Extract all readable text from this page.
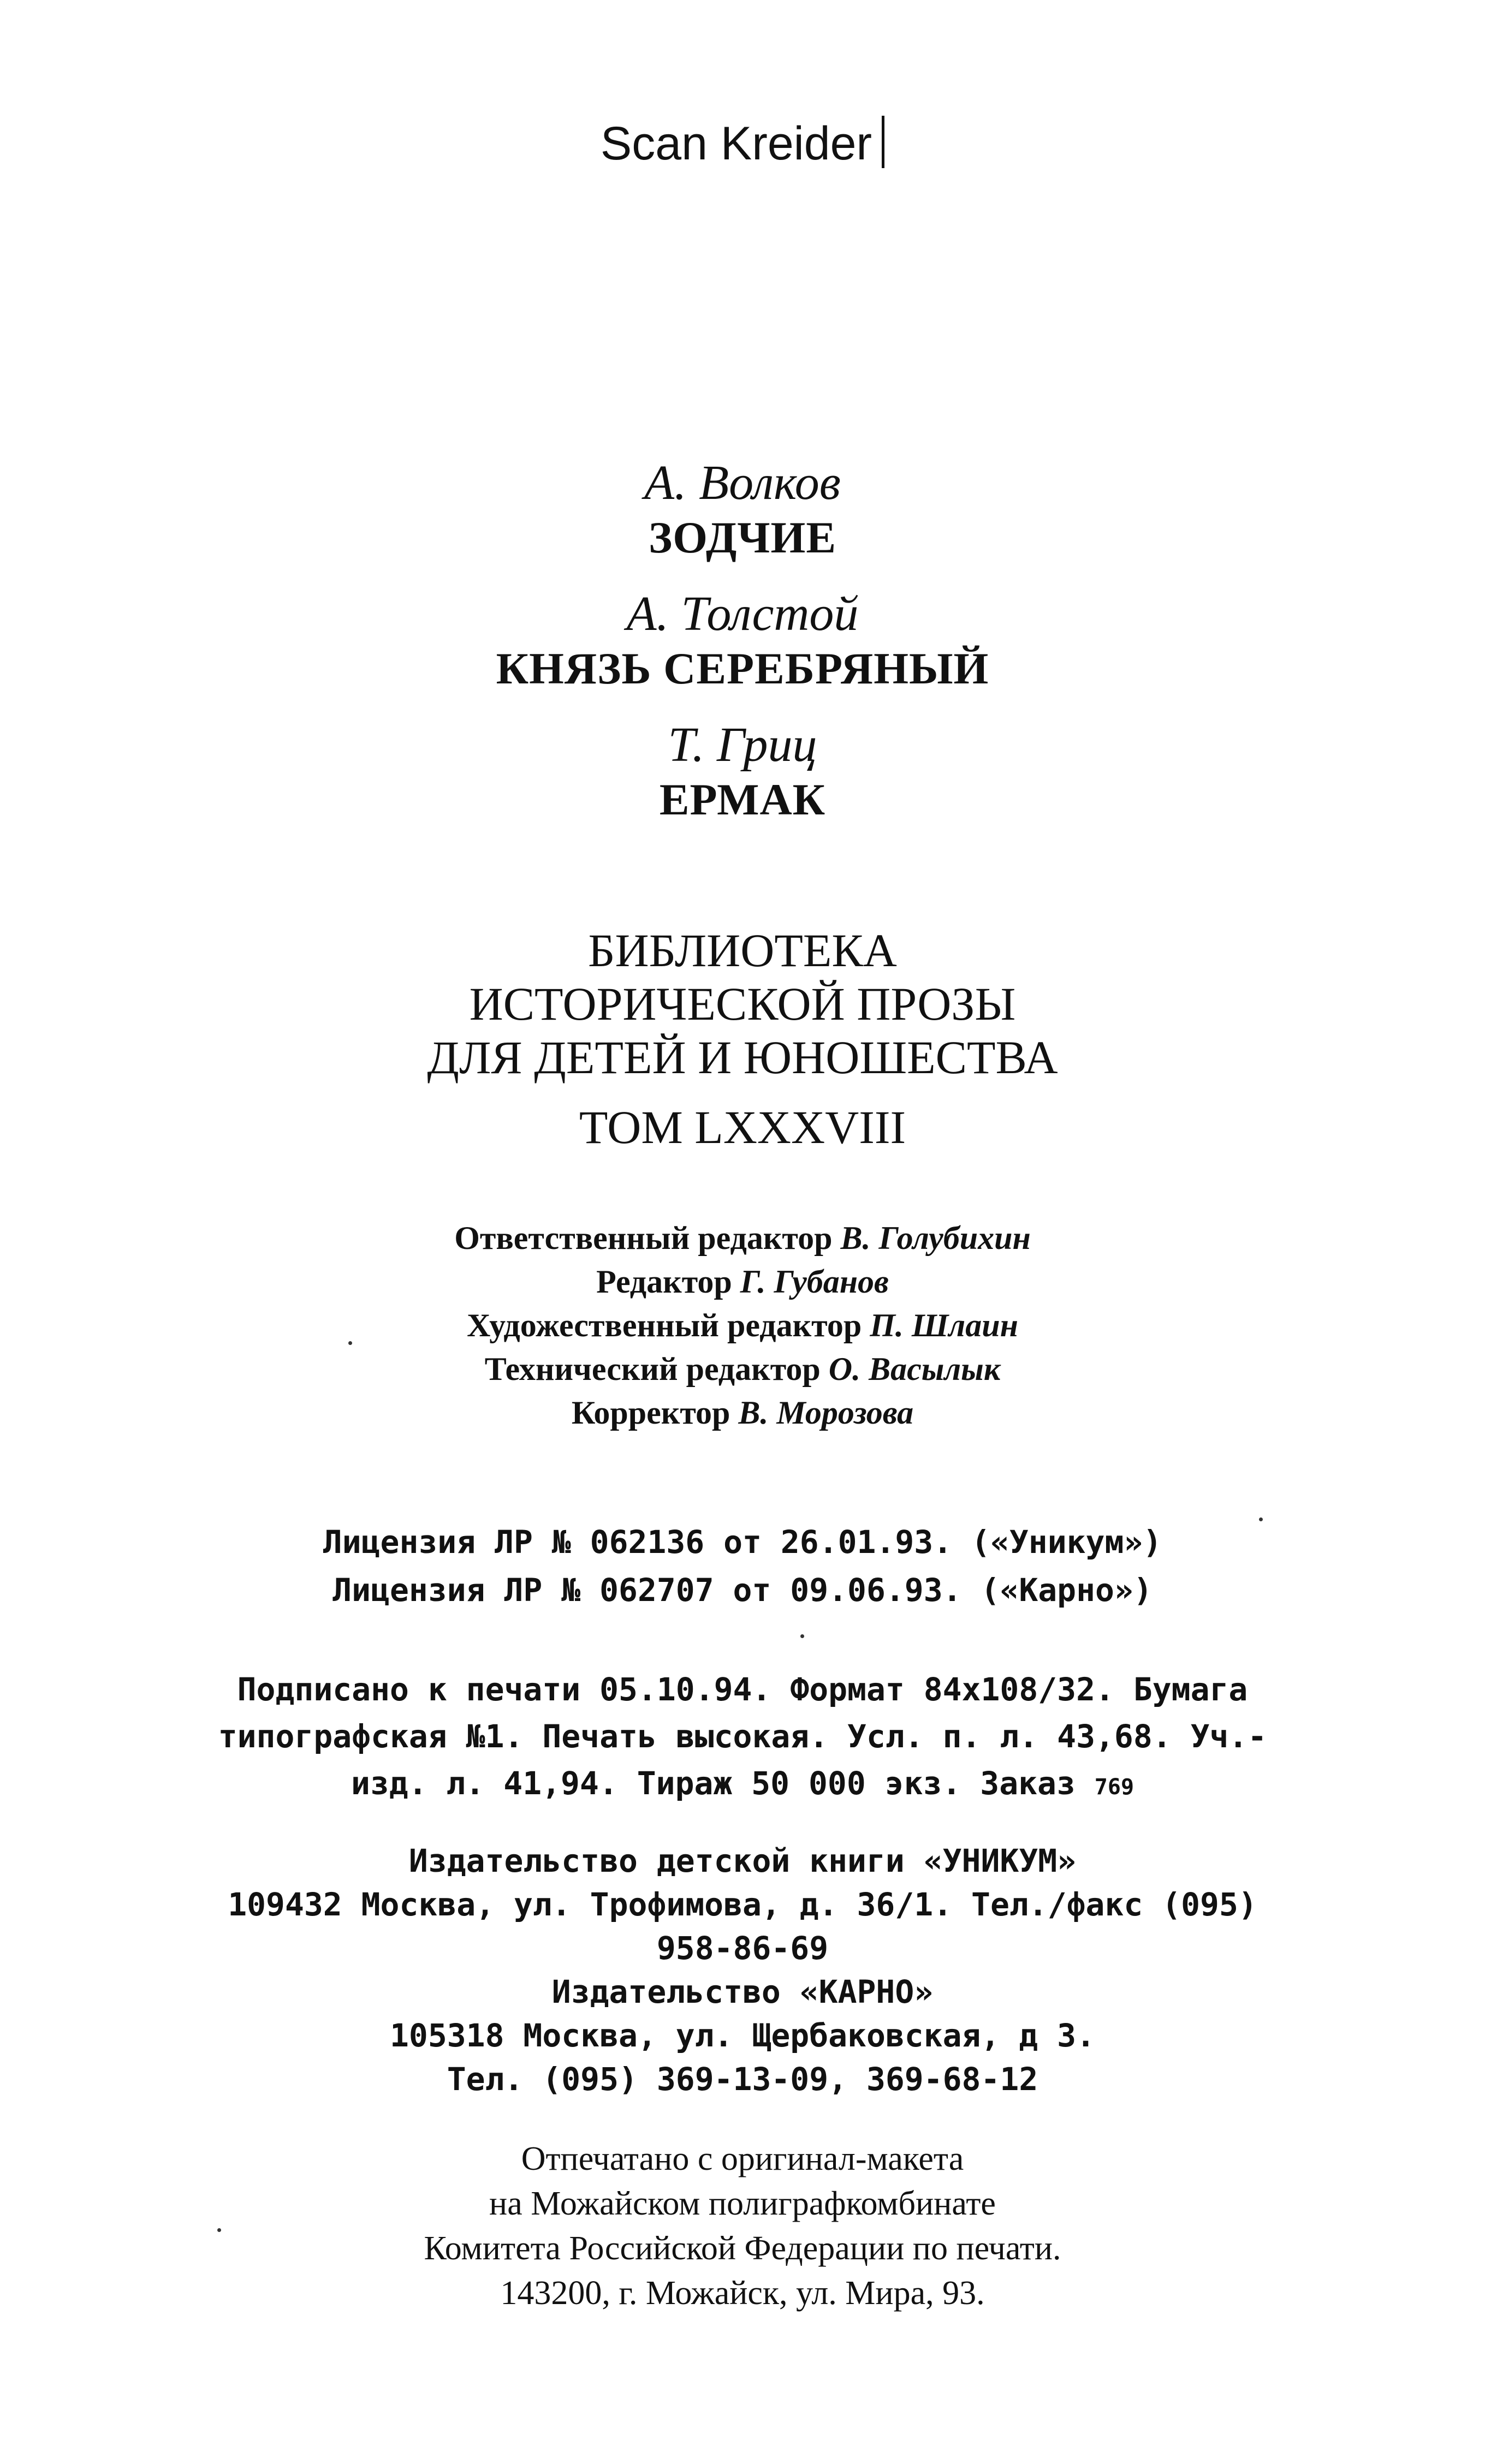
Scan Kreider
А. Волков
ЗОДЧИЕ
А. Толстой
КНЯЗЬ СЕРЕБРЯНЫЙ
Т. Гриц
ЕРМАК
БИБЛИОТЕКА
ИСТОРИЧЕСКОЙ ПРОЗЫ
ДЛЯ ДЕТЕЙ И ЮНОШЕСТВА
ТОМ LXXXVIII
Ответственный редактор В. Голубихин
Редактор Г. Губанов
Художественный редактор П. Шлаин
Технический редактор О. Васылык
Корректор В. Морозова
Лицензия ЛР № 062136 от 26.01.93. («Уникум»)
Лицензия ЛР № 062707 от 09.06.93. («Карно»)
Подписано к печати 05.10.94. Формат 84x108/32. Бумага
типографская №1. Печать высокая. Усл. п. л. 43,68. Уч.-
изд. л. 41,94. Тираж 50 000 экз. Заказ 769
Издательство детской книги «УНИКУМ»
109432 Москва, ул. Трофимова, д. 36/1. Тел./факс (095)
958-86-69
Издательство «КАРНО»
105318 Москва, ул. Щербаковская, д 3.
Тел. (095) 369-13-09, 369-68-12
Отпечатано с оригинал-макета
на Можайском полиграфкомбинате
Комитета Российской Федерации по печати.
143200, г. Можайск, ул. Мира, 93.
